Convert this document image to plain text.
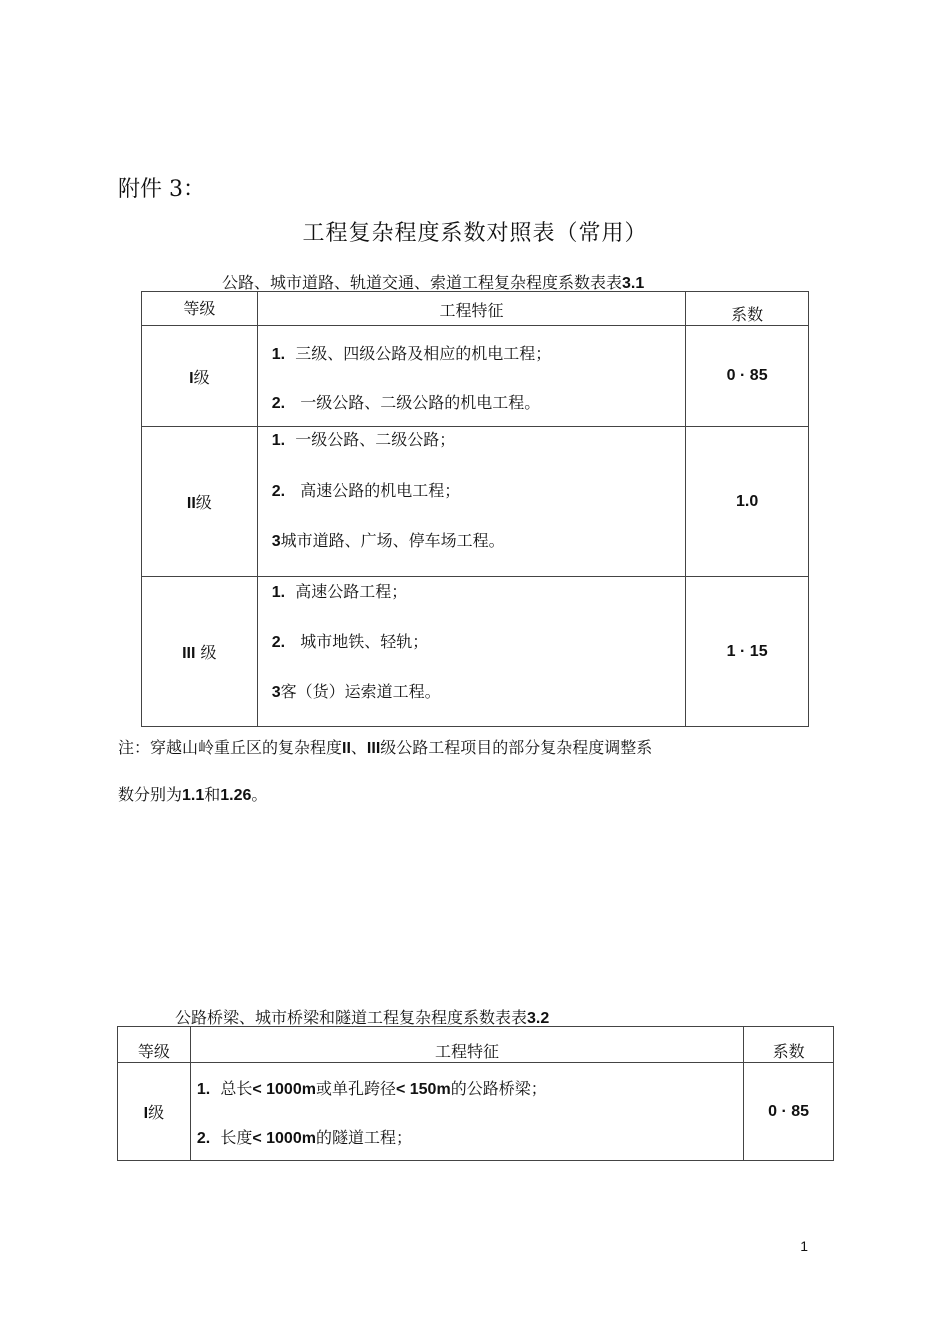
附件 3：
工程复杂程度系数对照表（常用）
公路、城市道路、轨道交通、索道工程复杂程度系数表表3.1
等级	工程特征	系数
I级	1. 三级、四级公路及相应的机电工程；
2. 一级公路、二级公路的机电工程。	0 · 85
II级	1. 一级公路、二级公路；
2. 高速公路的机电工程；
3城市道路、广场、停车场工程。	1.0
III 级	1. 高速公路工程；
2. 城市地铁、轻轨；
3客（货）运索道工程。	1 · 15
注：穿越山岭重丘区的复杂程度II、III级公路工程项目的部分复杂程度调整系
数分别为1.1和1.26。
公路桥梁、城市桥梁和隧道工程复杂程度系数表表3.2
等级	工程特征	系数
I级	1. 总长< 1000m或单孔跨径< 150m的公路桥梁；
2. 长度< 1000m的隧道工程；	0 · 85
1
